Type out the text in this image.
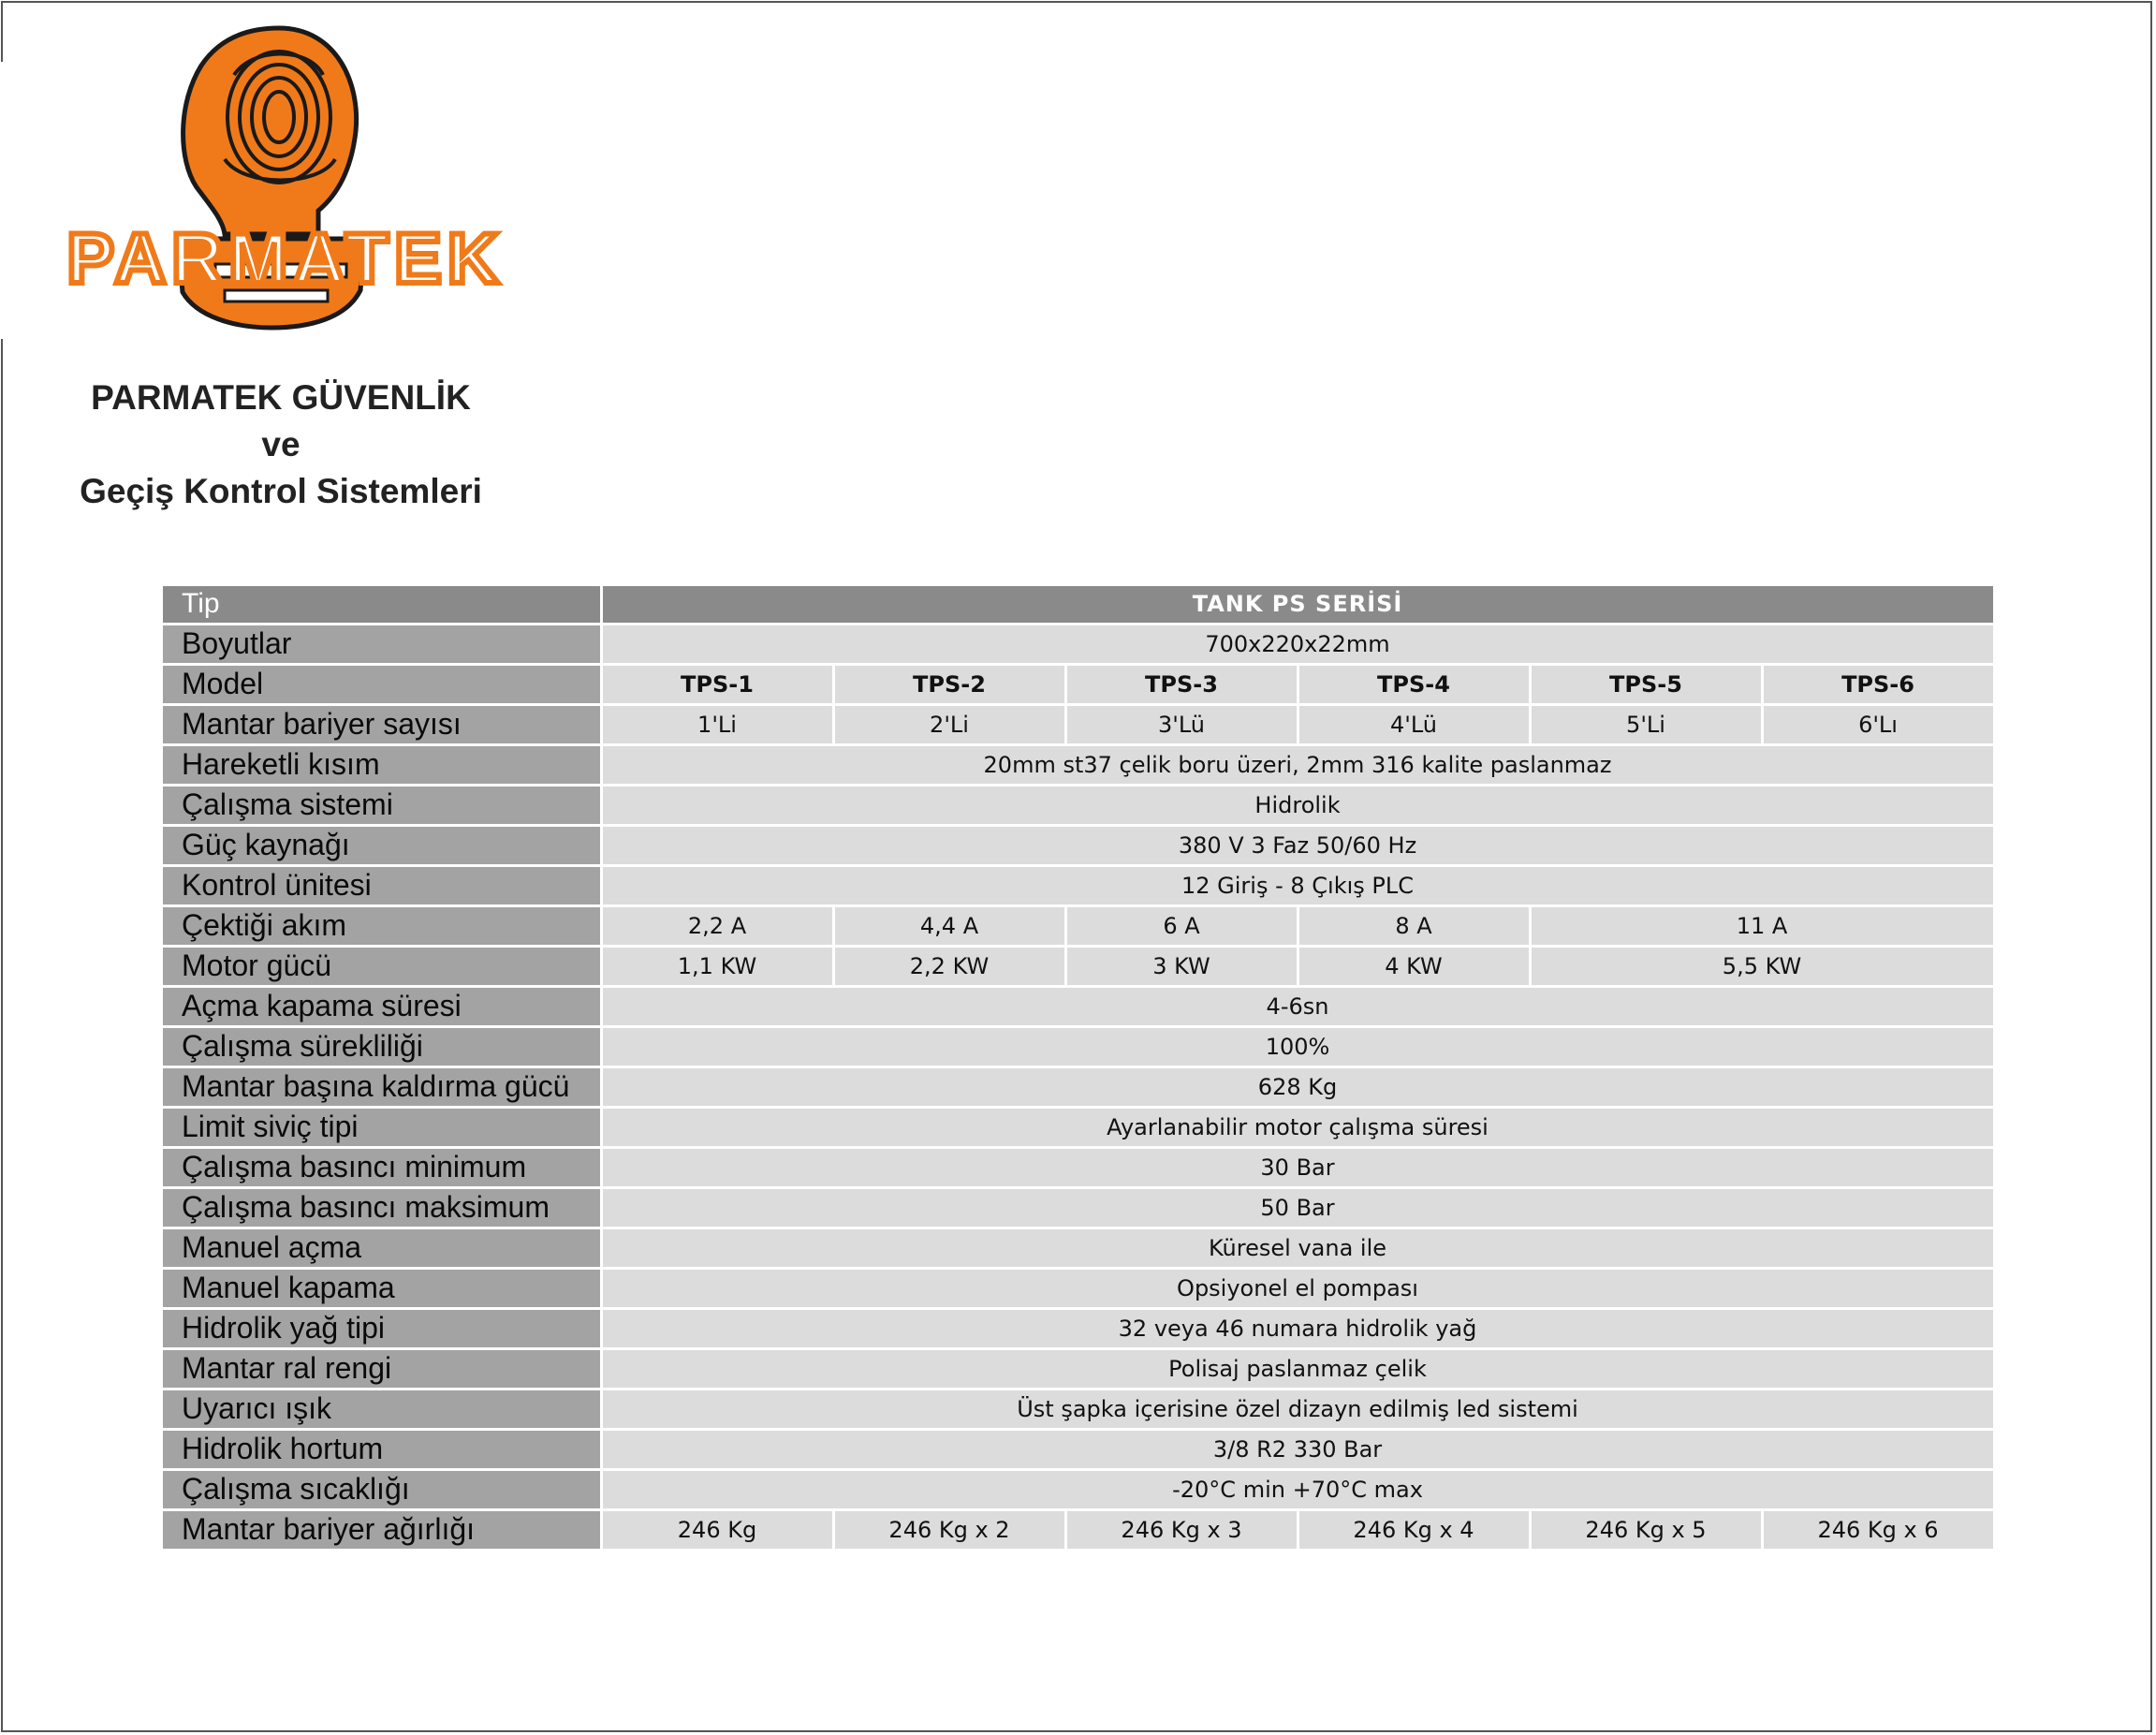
PARMATEK
PARMATEK GÜVENLİK
ve
Geçiş Kontrol Sistemleri
Tip	TANK PS SERİSİ					
Boyutlar	700x220x22mm					
Model	TPS-1	TPS-2	TPS-3	TPS-4	TPS-5	TPS-6
Mantar bariyer sayısı	1'Li	2'Li	3'Lü	4'Lü	5'Li	6'Lı
Hareketli kısım	20mm st37 çelik boru üzeri, 2mm 316 kalite paslanmaz					
Çalışma sistemi	Hidrolik					
Güç kaynağı	380 V 3 Faz 50/60 Hz					
Kontrol ünitesi	12 Giriş - 8 Çıkış PLC					
Çektiği akım	2,2 A	4,4 A	6 A	8 A	11 A	
Motor gücü	1,1 KW	2,2 KW	3 KW	4 KW	5,5 KW	
Açma kapama süresi	4-6sn					
Çalışma sürekliliği	100%					
Mantar başına kaldırma gücü	628 Kg					
Limit siviç tipi	Ayarlanabilir motor çalışma süresi					
Çalışma basıncı minimum	30 Bar					
Çalışma basıncı maksimum	50 Bar					
Manuel açma	Küresel vana ile					
Manuel kapama	Opsiyonel el pompası					
Hidrolik yağ tipi	32 veya 46 numara hidrolik yağ					
Mantar ral rengi	Polisaj paslanmaz çelik					
Uyarıcı ışık	Üst şapka içerisine özel dizayn edilmiş led sistemi					
Hidrolik hortum	3/8 R2 330 Bar					
Çalışma sıcaklığı	-20°C min +70°C max					
Mantar bariyer ağırlığı	246 Kg	246 Kg x 2	246 Kg x 3	246 Kg x 4	246 Kg x 5	246 Kg x 6
